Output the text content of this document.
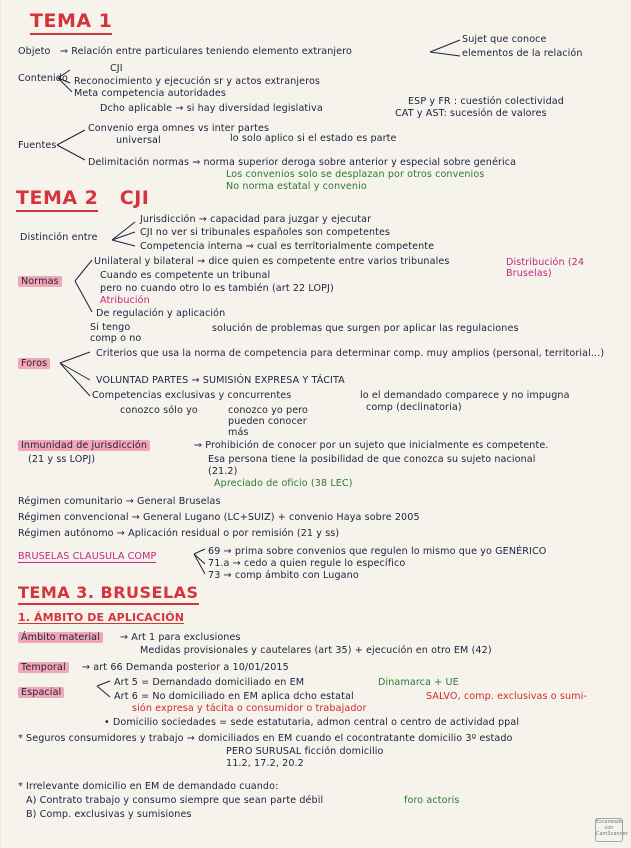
TEMA 1
Objeto ⇒ Relación entre particulares teniendo elemento extranjero
Sujet que conoce
elementos de la relación
Contenido
CJI
Reconocimiento y ejecución sr y actos extranjeros
Meta competencia autoridades
Dcho aplicable → si hay diversidad legislativa
ESP y FR : cuestión colectividad
CAT y AST: sucesión de valores
Fuentes
Convenio erga omnes vs inter partes
universal	lo solo aplico si el estado es parte
Delimitación normas ⇒ norma superior deroga sobre anterior y especial sobre genérica
Los convenios solo se desplazan por otros convenios
No norma estatal y convenio
TEMA 2 CJI
Distinción entre
Jurisdicción → capacidad para juzgar y ejecutar
CJI no ver si tribunales españoles son competentes
Competencia interna ⇒ cual es territorialmente competente
Normas
Unilateral y bilateral → dice quien es competente entre varios tribunales	Distribución (24 Bruselas)
Cuando es competente un tribunal
pero no cuando otro lo es también (art 22 LOPJ)
Atribución
De regulación y aplicación
Si tengo comp o no
solución de problemas que surgen por aplicar las regulaciones
Foros
Criterios que usa la norma de competencia para determinar comp. muy amplios (personal, territorial...)
VOLUNTAD PARTES → SUMISIÓN EXPRESA Y TÁCITA
Competencias exclusivas y concurrentes
conozco sólo yo	conozco yo pero pueden conocer más
lo el demandado comparece y no impugna
comp (declinatoria)
Inmunidad de jurisdicción
(21 y ss LOPJ)
⇒ Prohibición de conocer por un sujeto que inicialmente es competente.
Esa persona tiene la posibilidad de que conozca su sujeto nacional
(21.2)
Apreciado de oficio (38 LEC)
Régimen comunitario → General Bruselas
Régimen convencional → General Lugano (LC+SUIZ) + convenio Haya sobre 2005
Régimen autónomo → Aplicación residual o por remisión (21 y ss)
BRUSELAS CLAUSULA COMP	69 → prima sobre convenios que regulen lo mismo que yo GENÉRICO
71.a → cedo a quien regule lo específico
73 → comp ámbito con Lugano
TEMA 3. BRUSELAS
1. ÁMBITO DE APLICACIÓN
Ámbito material	→ Art 1 para exclusiones
Medidas provisionales y cautelares (art 35) + ejecución en otro EM (42)
Temporal	→ art 66 Demanda posterior a 10/01/2015
Espacial
Art 5 = Demandado domiciliado en EM	Dinamarca + UE
Art 6 = No domiciliado en EM aplica dcho estatal	SALVO, comp. exclusivas o sumi-
sión expresa y tácita o consumidor o trabajador
• Domicilio sociedades = sede estatutaria, admon central o centro de actividad ppal
* Seguros consumidores y trabajo → domiciliados en EM cuando el cocontratante domicilio 3º estado
PERO SURUSAL ficción domicilio
11.2, 17.2, 20.2
* Irrelevante domicilio en EM de demandado cuando:
A) Contrato trabajo y consumo siempre que sean parte débil	foro actoris
B) Comp. exclusivas y sumisiones
Escaneado con CamScanner
